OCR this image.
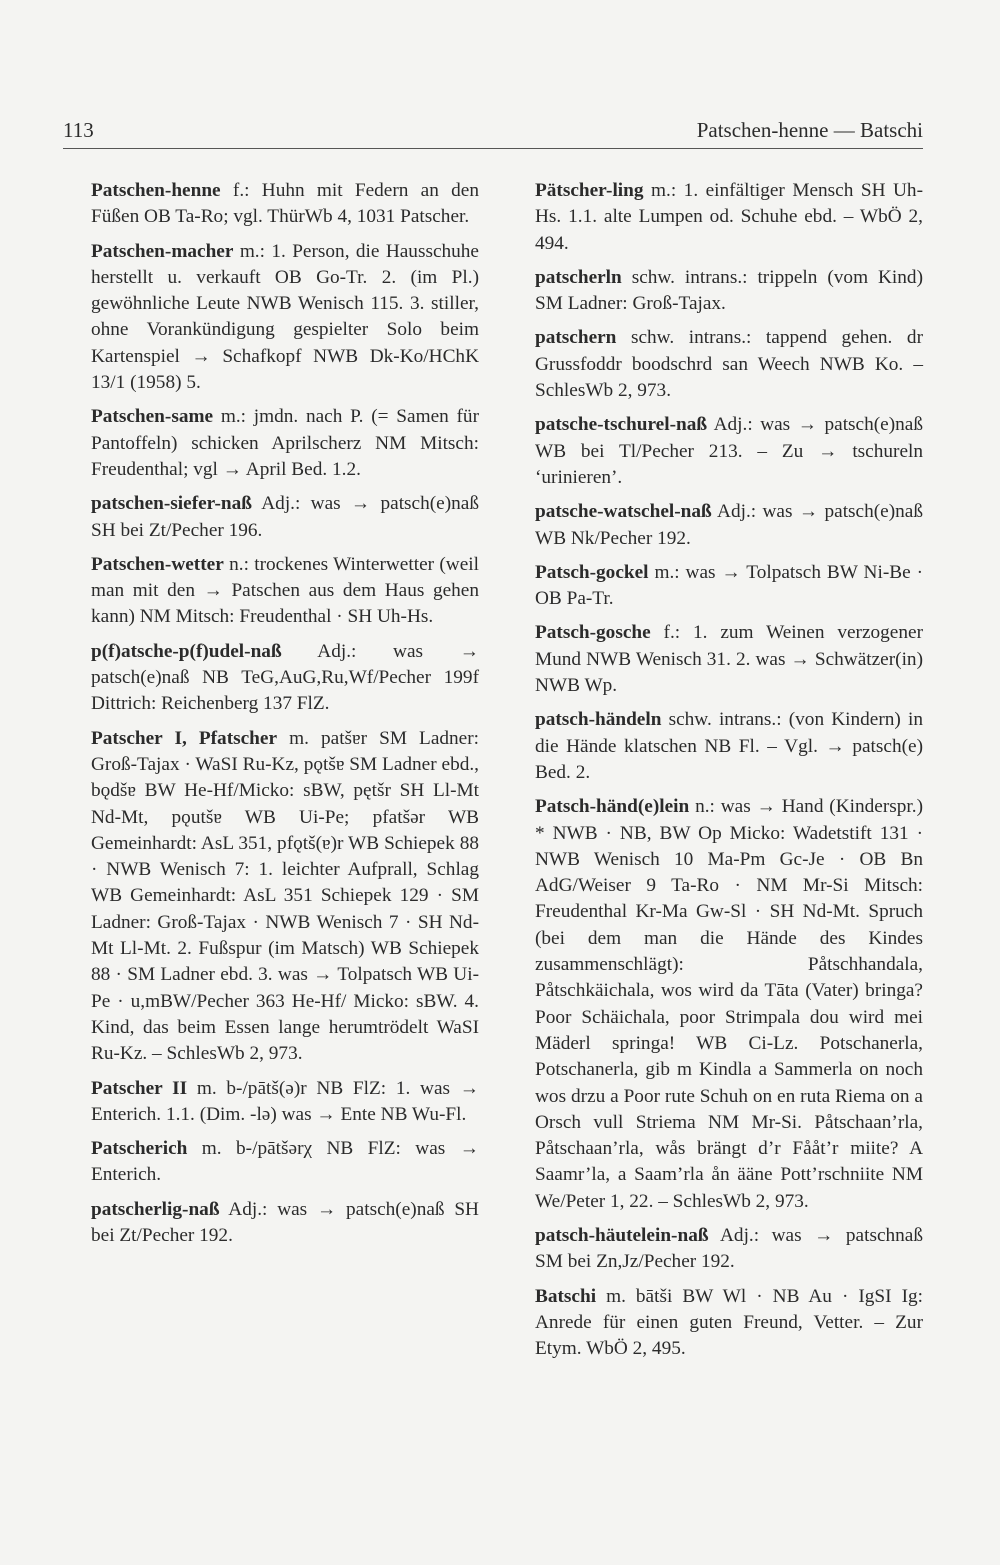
113	Patschen-henne — Batschi

Patschen-henne f.: Huhn mit Federn an den Füßen OB Ta-Ro; vgl. ThürWb 4, 1031 Patscher.

Patschen-macher m.: 1. Person, die Hausschuhe herstellt u. verkauft OB Go-Tr. 2. (im Pl.) gewöhnliche Leute NWB Wenisch 115. 3. stiller, ohne Vorankündigung gespielter Solo beim Kartenspiel → Schafkopf NWB Dk-Ko/HChK 13/1 (1958) 5.

Patschen-same m.: jmdn. nach P. (= Samen für Pantoffeln) schicken Aprilscherz NM Mitsch: Freudenthal; vgl → April Bed. 1.2.

patschen-siefer-naß Adj.: was → patsch(e)naß SH bei Zt/Pecher 196.

Patschen-wetter n.: trockenes Winterwetter (weil man mit den → Patschen aus dem Haus gehen kann) NM Mitsch: Freudenthal · SH Uh-Hs.

p(f)atsche-p(f)udel-naß Adj.: was → patsch(e)naß NB TeG,AuG,Ru,Wf/Pecher 199f Dittrich: Reichenberg 137 FlZ.

Patscher I, Pfatscher m. patšɐr SM Ladner: Groß-Tajax · WaSI Ru-Kz, pǫtšɐ SM Ladner ebd., bǫdšɐ BW He-Hf/Micko: sBW, pętšr SH Ll-Mt Nd-Mt, pǫutšɐ WB Ui-Pe; pfatšər WB Gemeinhardt: AsL 351, pfǫtš(ɐ)r WB Schiepek 88 · NWB Wenisch 7: 1. leichter Aufprall, Schlag WB Gemeinhardt: AsL 351 Schiepek 129 · SM Ladner: Groß-Tajax · NWB Wenisch 7 · SH Nd-Mt Ll-Mt. 2. Fußspur (im Matsch) WB Schiepek 88 · SM Ladner ebd. 3. was → Tolpatsch WB Ui-Pe · u,mBW/Pecher 363 He-Hf/ Micko: sBW. 4. Kind, das beim Essen lange herumtrödelt WaSI Ru-Kz. – SchlesWb 2, 973.

Patscher II m. b-/pātš(ə)r NB FlZ: 1. was → Enterich. 1.1. (Dim. -lə) was → Ente NB Wu-Fl.

Patscherich m. b-/pātšərχ NB FlZ: was → Enterich.

patscherlig-naß Adj.: was → patsch(e)naß SH bei Zt/Pecher 192.

Pätscher-ling m.: 1. einfältiger Mensch SH Uh-Hs. 1.1. alte Lumpen od. Schuhe ebd. – WbÖ 2, 494.

patscherln schw. intrans.: trippeln (vom Kind) SM Ladner: Groß-Tajax.

patschern schw. intrans.: tappend gehen. dr Grussfoddr boodschrd san Weech NWB Ko. – SchlesWb 2, 973.

patsche-tschurel-naß Adj.: was → patsch(e)naß WB bei Tl/Pecher 213. – Zu → tschureln ‘urinieren’.

patsche-watschel-naß Adj.: was → patsch(e)naß WB Nk/Pecher 192.

Patsch-gockel m.: was → Tolpatsch BW Ni-Be · OB Pa-Tr.

Patsch-gosche f.: 1. zum Weinen verzogener Mund NWB Wenisch 31. 2. was → Schwätzer(in) NWB Wp.

patsch-händeln schw. intrans.: (von Kindern) in die Hände klatschen NB Fl. – Vgl. → patsch(e) Bed. 2.

Patsch-händ(e)lein n.: was → Hand (Kinderspr.) * NWB · NB, BW Op Micko: Wadetstift 131 · NWB Wenisch 10 Ma-Pm Gc-Je · OB Bn AdG/Weiser 9 Ta-Ro · NM Mr-Si Mitsch: Freudenthal Kr-Ma Gw-Sl · SH Nd-Mt. Spruch (bei dem man die Hände des Kindes zusammenschlägt): Påtschhandala, Påtschkäichala, wos wird da Tāta (Vater) bringa? Poor Schäichala, poor Strimpala dou wird mei Mäderl springa! WB Ci-Lz. Potschanerla, Potschanerla, gib m Kindla a Sammerla on noch wos drzu a Poor rute Schuh on en ruta Riema on a Orsch vull Striema NM Mr-Si. Påtschaan’rla, Påtschaan’rla, wås brängt d’r Fååt’r miite? A Saamr’la, a Saam’rla ån ääne Pott’rschniite NM We/Peter 1, 22. – SchlesWb 2, 973.

patsch-häutelein-naß Adj.: was → patschnaß SM bei Zn,Jz/Pecher 192.

Batschi m. bātši BW Wl · NB Au · IgSI Ig: Anrede für einen guten Freund, Vetter. – Zur Etym. WbÖ 2, 495.
